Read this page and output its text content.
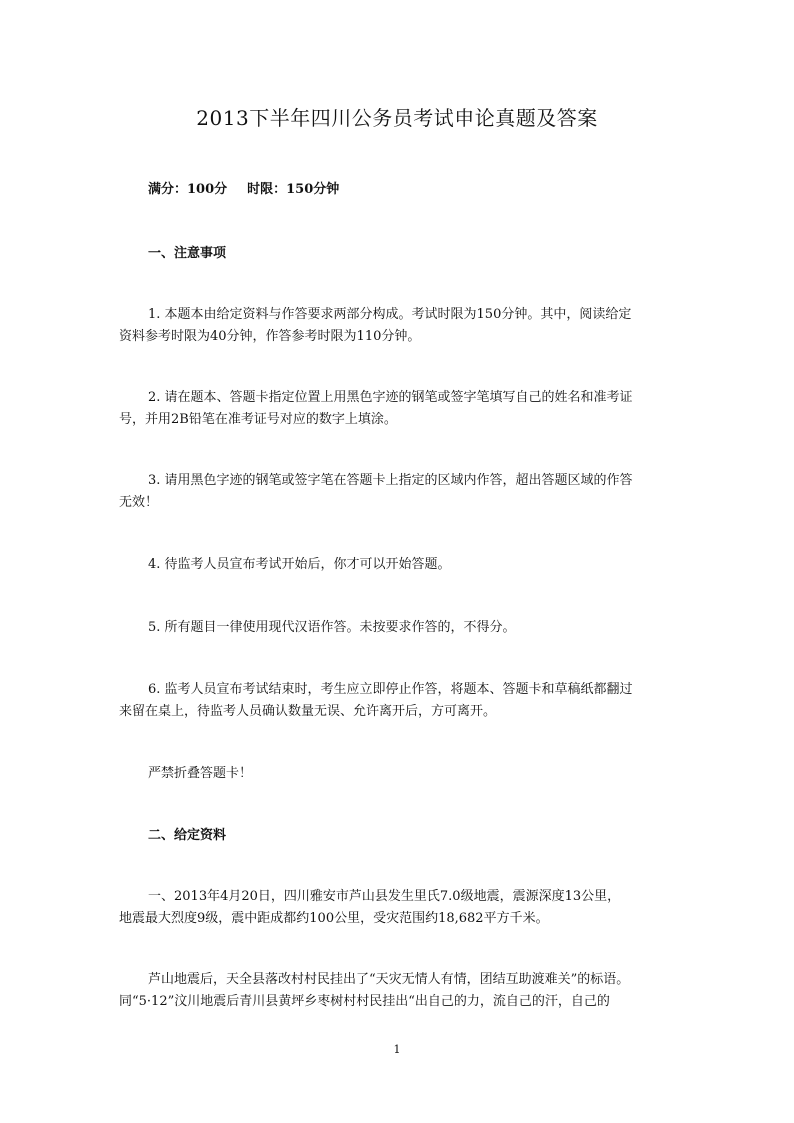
2013下半年四川公务员考试申论真题及答案
满分：100分 时限：150分钟
一、注意事项
1. 本题本由给定资料与作答要求两部分构成。考试时限为150分钟。其中，阅读给定
资料参考时限为40分钟，作答参考时限为110分钟。
2. 请在题本、答题卡指定位置上用黑色字迹的钢笔或签字笔填写自己的姓名和准考证
号，并用2B铅笔在准考证号对应的数字上填涂。
3. 请用黑色字迹的钢笔或签字笔在答题卡上指定的区域内作答，超出答题区域的作答
无效！
4. 待监考人员宣布考试开始后，你才可以开始答题。
5. 所有题目一律使用现代汉语作答。未按要求作答的，不得分。
6. 监考人员宣布考试结束时，考生应立即停止作答，将题本、答题卡和草稿纸都翻过
来留在桌上，待监考人员确认数量无误、允许离开后，方可离开。
严禁折叠答题卡！
二、给定资料
一、2013年4月20日，四川雅安市芦山县发生里氏7.0级地震，震源深度13公里，
地震最大烈度9级，震中距成都约100公里，受灾范围约18,682平方千米。
芦山地震后，天全县落改村村民挂出了“天灾无情人有情，团结互助渡难关”的标语。
同“5·12”汶川地震后青川县黄坪乡枣树村村民挂出“出自己的力，流自己的汗，自己的
1
